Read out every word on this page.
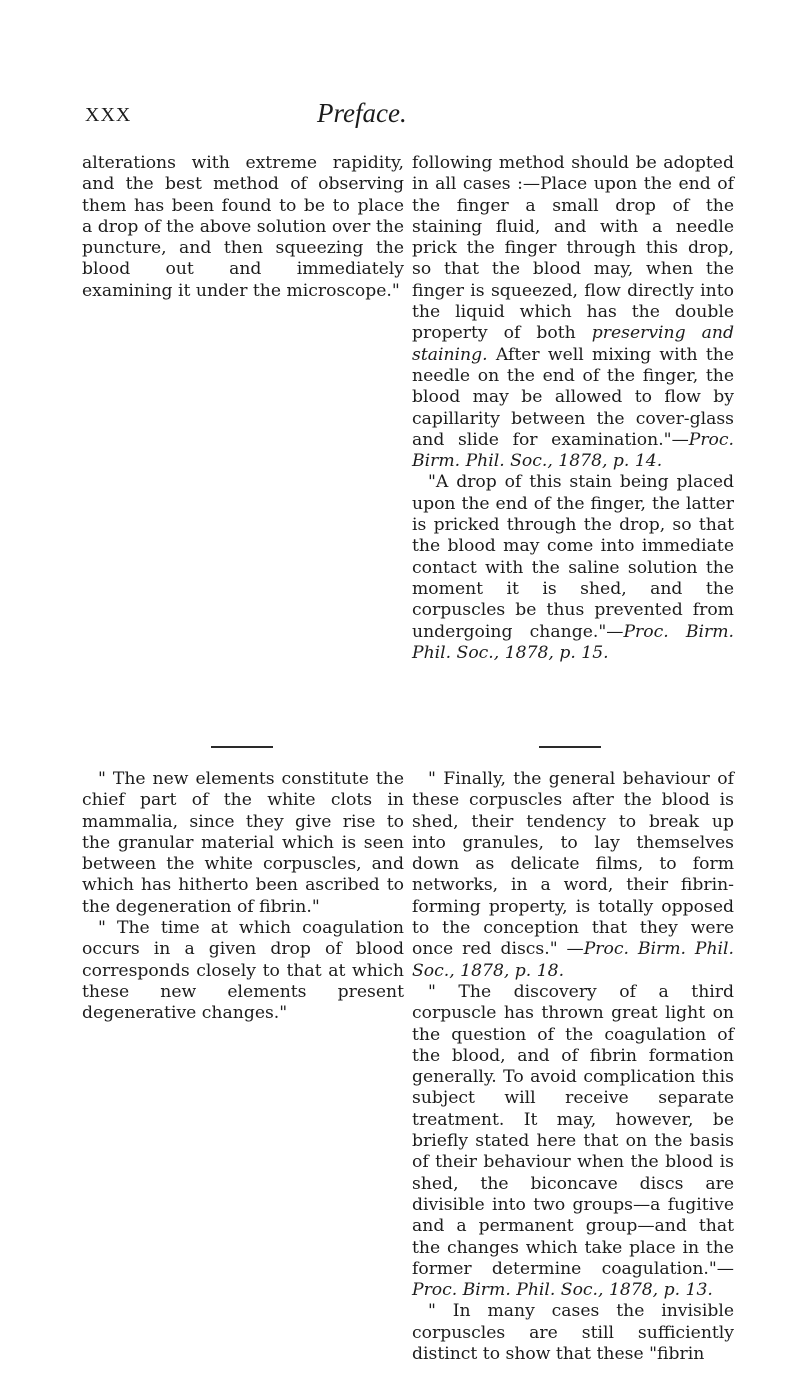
XXX	Preface.

alterations with extreme rapidity, and the best method of observing them has been found to be to place a drop of the above solution over the puncture, and then squeezing the blood out and immediately examining it under the microscope."

following method should be adopted in all cases :—Place upon the end of the finger a small drop of the staining fluid, and with a needle prick the finger through this drop, so that the blood may, when the finger is squeezed, flow directly into the liquid which has the double property of both preserving and staining. After well mixing with the needle on the end of the finger, the blood may be allowed to flow by capillarity between the cover-glass and slide for examination."—Proc. Birm. Phil. Soc., 1878, p. 14.

"A drop of this stain being placed upon the end of the finger, the latter is pricked through the drop, so that the blood may come into immediate contact with the saline solution the moment it is shed, and the corpuscles be thus prevented from undergoing change."—Proc. Birm. Phil. Soc., 1878, p. 15.

" The new elements constitute the chief part of the white clots in mammalia, since they give rise to the granular material which is seen between the white corpuscles, and which has hitherto been ascribed to the degeneration of fibrin."

" The time at which coagulation occurs in a given drop of blood corresponds closely to that at which these new elements present degenerative changes."

" Finally, the general behaviour of these corpuscles after the blood is shed, their tendency to break up into granules, to lay themselves down as delicate films, to form networks, in a word, their fibrin-forming property, is totally opposed to the conception that they were once red discs." —Proc. Birm. Phil. Soc., 1878, p. 18.

" The discovery of a third corpuscle has thrown great light on the question of the coagulation of the blood, and of fibrin formation generally. To avoid complication this subject will receive separate treatment. It may, however, be briefly stated here that on the basis of their behaviour when the blood is shed, the biconcave discs are divisible into two groups—a fugitive and a permanent group—and that the changes which take place in the former determine coagulation."—Proc. Birm. Phil. Soc., 1878, p. 13.

" In many cases the invisible corpuscles are still sufficiently distinct to show that these "fibrin
